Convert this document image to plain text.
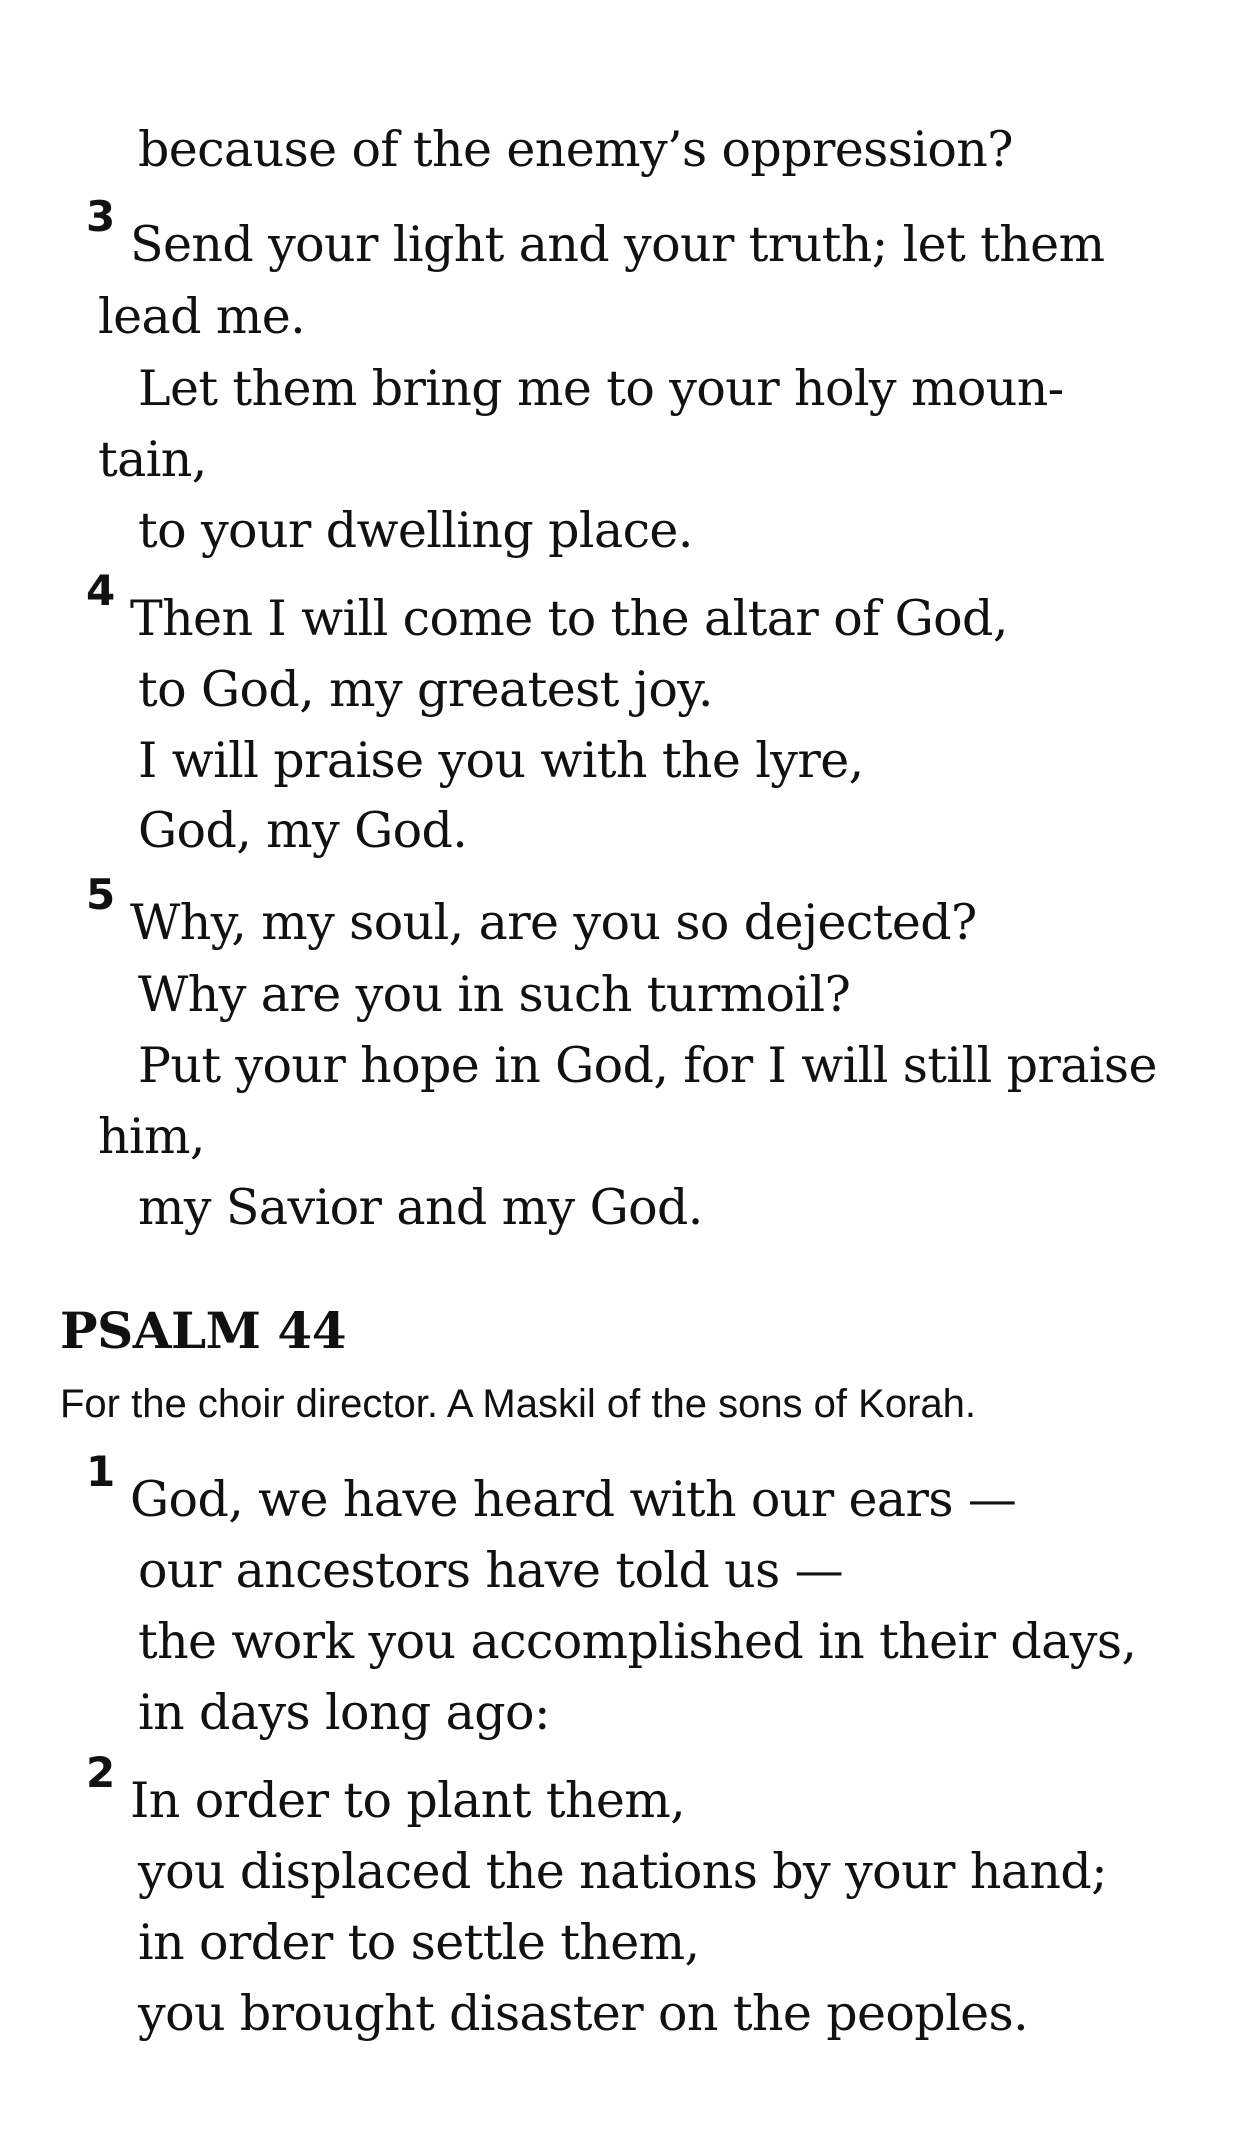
because of the enemy’s oppression?
3 Send your light and your truth; let them
lead me.
Let them bring me to your holy moun-
tain,
to your dwelling place.
4 Then I will come to the altar of God,
to God, my greatest joy.
I will praise you with the lyre,
God, my God.
5 Why, my soul, are you so dejected?
Why are you in such turmoil?
Put your hope in God, for I will still praise
him,
my Savior and my God.
PSALM 44
For the choir director. A Maskil of the sons of Korah.
1 God, we have heard with our ears —
our ancestors have told us —
the work you accomplished in their days,
in days long ago:
2 In order to plant them,
you displaced the nations by your hand;
in order to settle them,
you brought disaster on the peoples.
